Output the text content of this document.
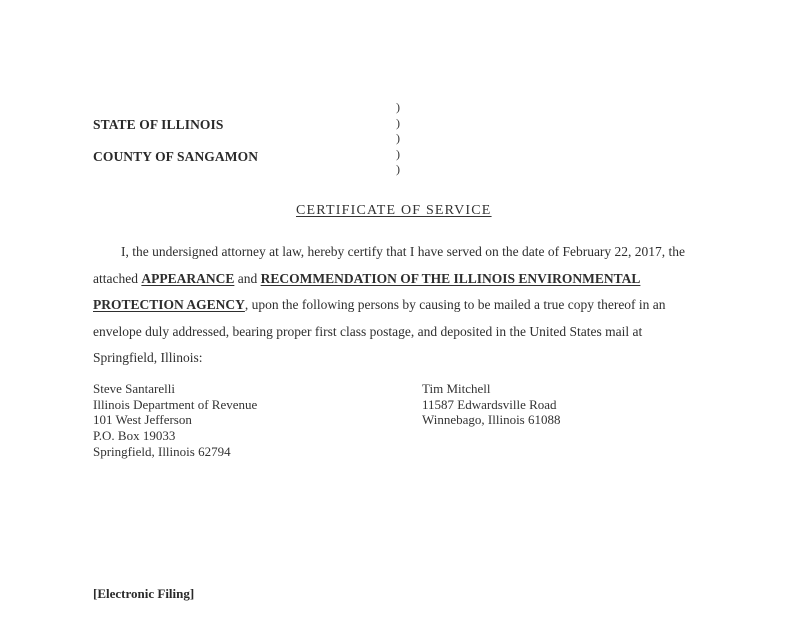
STATE OF ILLINOIS
COUNTY OF SANGAMON
)
)
)
)
)
CERTIFICATE OF SERVICE
I, the undersigned attorney at law, hereby certify that I have served on the date of February 22, 2017, the attached APPEARANCE and RECOMMENDATION OF THE ILLINOIS ENVIRONMENTAL PROTECTION AGENCY, upon the following persons by causing to be mailed a true copy thereof in an envelope duly addressed, bearing proper first class postage, and deposited in the United States mail at Springfield, Illinois:
Steve Santarelli
Illinois Department of Revenue
101 West Jefferson
P.O. Box 19033
Springfield, Illinois 62794
Tim Mitchell
11587 Edwardsville Road
Winnebago, Illinois 61088
[Electronic Filing]
